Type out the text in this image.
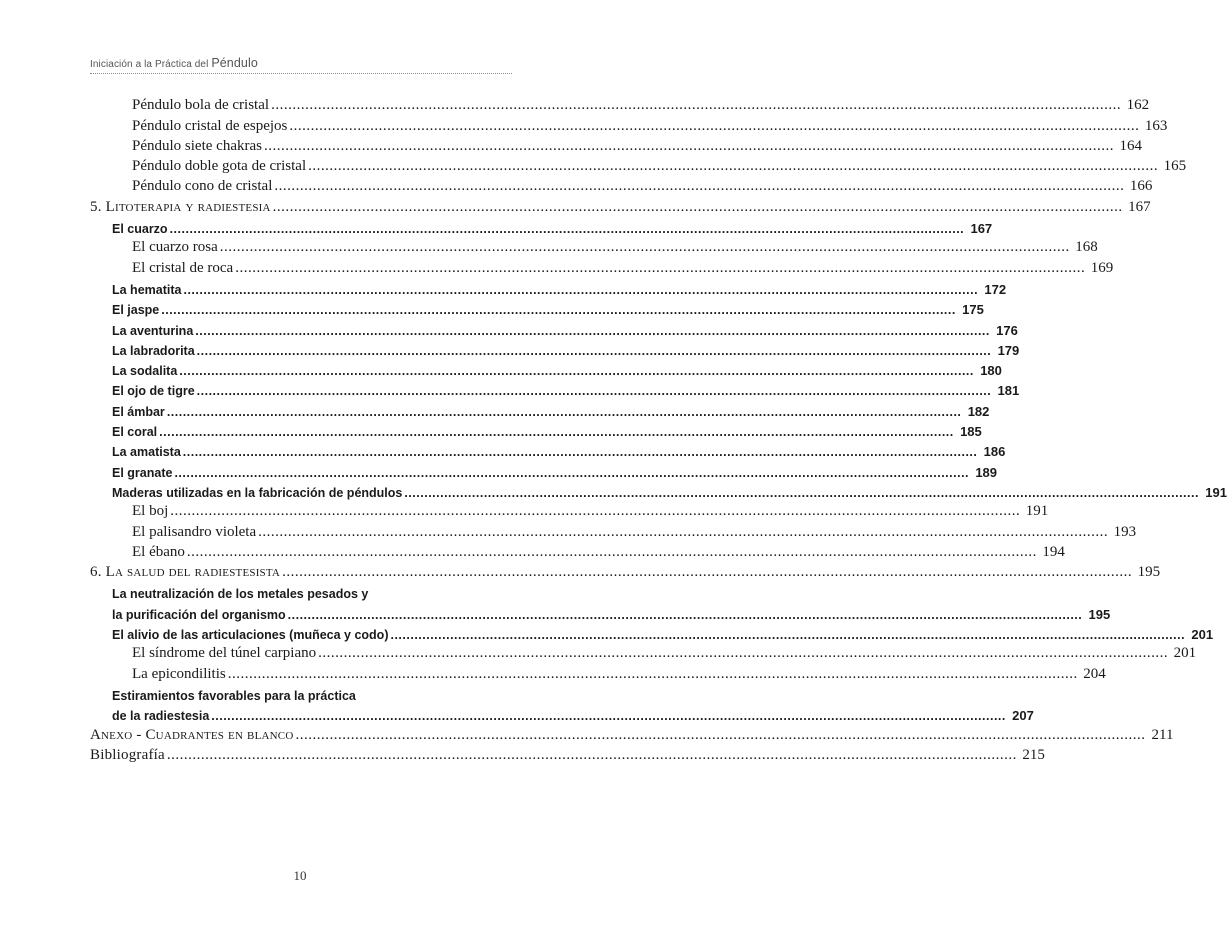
Iniciación a la Práctica del Péndulo
Péndulo bola de cristal ........................................................................................................................................................................................................ 162
Péndulo cristal de espejos ........................................................................................................................................................................................................ 163
Péndulo siete chakras ........................................................................................................................................................................................................ 164
Péndulo doble gota de cristal ........................................................................................................................................................................................................ 165
Péndulo cono de cristal ........................................................................................................................................................................................................ 166
5. Litoterapia y radiestesia ........................................................................................................................................................................................................ 167
El cuarzo ........................................................................................................................................................................................................ 167
El cuarzo rosa ........................................................................................................................................................................................................ 168
El cristal de roca ........................................................................................................................................................................................................ 169
La hematita ........................................................................................................................................................................................................ 172
El jaspe ........................................................................................................................................................................................................ 175
La aventurina ........................................................................................................................................................................................................ 176
La labradorita ........................................................................................................................................................................................................ 179
La sodalita ........................................................................................................................................................................................................ 180
El ojo de tigre ........................................................................................................................................................................................................ 181
El ámbar ........................................................................................................................................................................................................ 182
El coral ........................................................................................................................................................................................................ 185
La amatista ........................................................................................................................................................................................................ 186
El granate ........................................................................................................................................................................................................ 189
Maderas utilizadas en la fabricación de péndulos ........................................................................................................................................................................................................ 191
El boj ........................................................................................................................................................................................................ 191
El palisandro violeta ........................................................................................................................................................................................................ 193
El ébano ........................................................................................................................................................................................................ 194
6. La salud del radiestesista ........................................................................................................................................................................................................ 195
La neutralización de los metales pesados y
la purificación del organismo ........................................................................................................................................................................................................ 195
El alivio de las articulaciones (muñeca y codo) ........................................................................................................................................................................................................ 201
El síndrome del túnel carpiano ........................................................................................................................................................................................................ 201
La epicondilitis ........................................................................................................................................................................................................ 204
Estiramientos favorables para la práctica
de la radiestesia ........................................................................................................................................................................................................ 207
Anexo - Cuadrantes en blanco ........................................................................................................................................................................................................ 211
Bibliografía ........................................................................................................................................................................................................ 215
10
